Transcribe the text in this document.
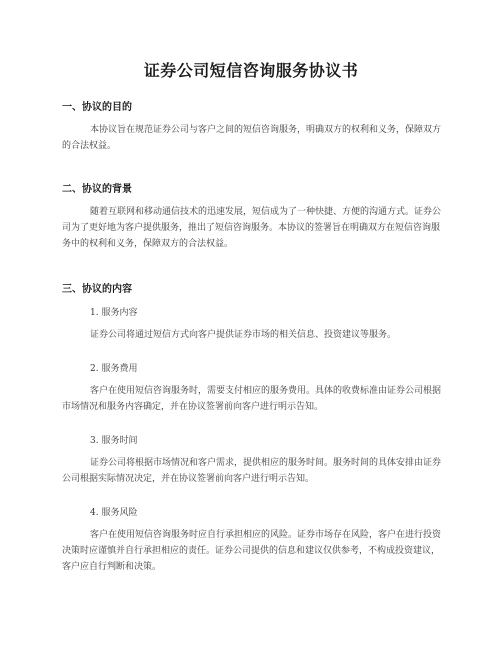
证券公司短信咨询服务协议书
一、协议的目的
本协议旨在规范证券公司与客户之间的短信咨询服务，明确双方的权利和义务，保障双方的合法权益。
二、协议的背景
随着互联网和移动通信技术的迅速发展，短信成为了一种快捷、方便的沟通方式。证券公司为了更好地为客户提供服务，推出了短信咨询服务。本协议的签署旨在明确双方在短信咨询服务中的权利和义务，保障双方的合法权益。
三、协议的内容
1. 服务内容
证券公司将通过短信方式向客户提供证券市场的相关信息、投资建议等服务。
2. 服务费用
客户在使用短信咨询服务时，需要支付相应的服务费用。具体的收费标准由证券公司根据市场情况和服务内容确定，并在协议签署前向客户进行明示告知。
3. 服务时间
证券公司将根据市场情况和客户需求，提供相应的服务时间。服务时间的具体安排由证券公司根据实际情况决定，并在协议签署前向客户进行明示告知。
4. 服务风险
客户在使用短信咨询服务时应自行承担相应的风险。证券市场存在风险，客户在进行投资决策时应谨慎并自行承担相应的责任。证券公司提供的信息和建议仅供参考，不构成投资建议，客户应自行判断和决策。
